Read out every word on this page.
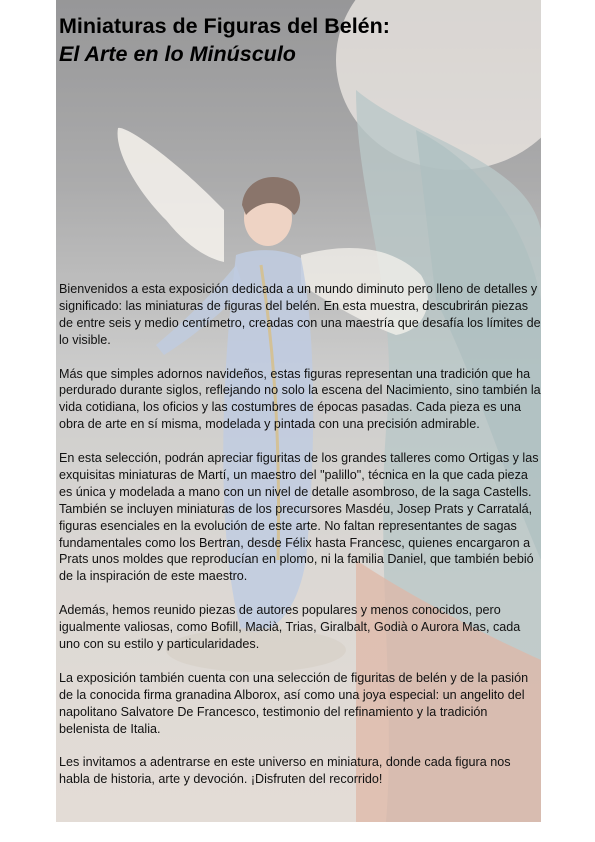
Miniaturas de Figuras del Belén:
El Arte en lo Minúsculo

Bienvenidos a esta exposición dedicada a un mundo diminuto pero lleno de detalles y significado: las miniaturas de figuras del belén. En esta muestra, descubrirán piezas de entre seis y medio centímetro, creadas con una maestría que desafía los límites de lo visible.

Más que simples adornos navideños, estas figuras representan una tradición que ha perdurado durante siglos, reflejando no solo la escena del Nacimiento, sino también la vida cotidiana, los oficios y las costumbres de épocas pasadas. Cada pieza es una obra de arte en sí misma, modelada y pintada con una precisión admirable.

En esta selección, podrán apreciar figuritas de los grandes talleres como Ortigas y las exquisitas miniaturas de Martí, un maestro del "palillo", técnica en la que cada pieza es única y modelada a mano con un nivel de detalle asombroso, de la saga Castells. También se incluyen miniaturas de los precursores Masdéu, Josep Prats y Carratalá, figuras esenciales en la evolución de este arte. No faltan representantes de sagas fundamentales como los Bertran, desde Félix hasta Francesc, quienes encargaron a Prats unos moldes que reproducían en plomo, ni la familia Daniel, que también bebió de la inspiración de este maestro.

Además, hemos reunido piezas de autores populares y menos conocidos, pero igualmente valiosas, como Bofill, Macià, Trias, Giralbalt, Godià o Aurora Mas, cada uno con su estilo y particularidades.

La exposición también cuenta con una selección de figuritas de belén y de la pasión de la conocida firma granadina Alborox, así como una joya especial: un angelito del napolitano Salvatore De Francesco, testimonio del refinamiento y la tradición belenista de Italia.

Les invitamos a adentrarse en este universo en miniatura, donde cada figura nos habla de historia, arte y devoción. ¡Disfruten del recorrido!
